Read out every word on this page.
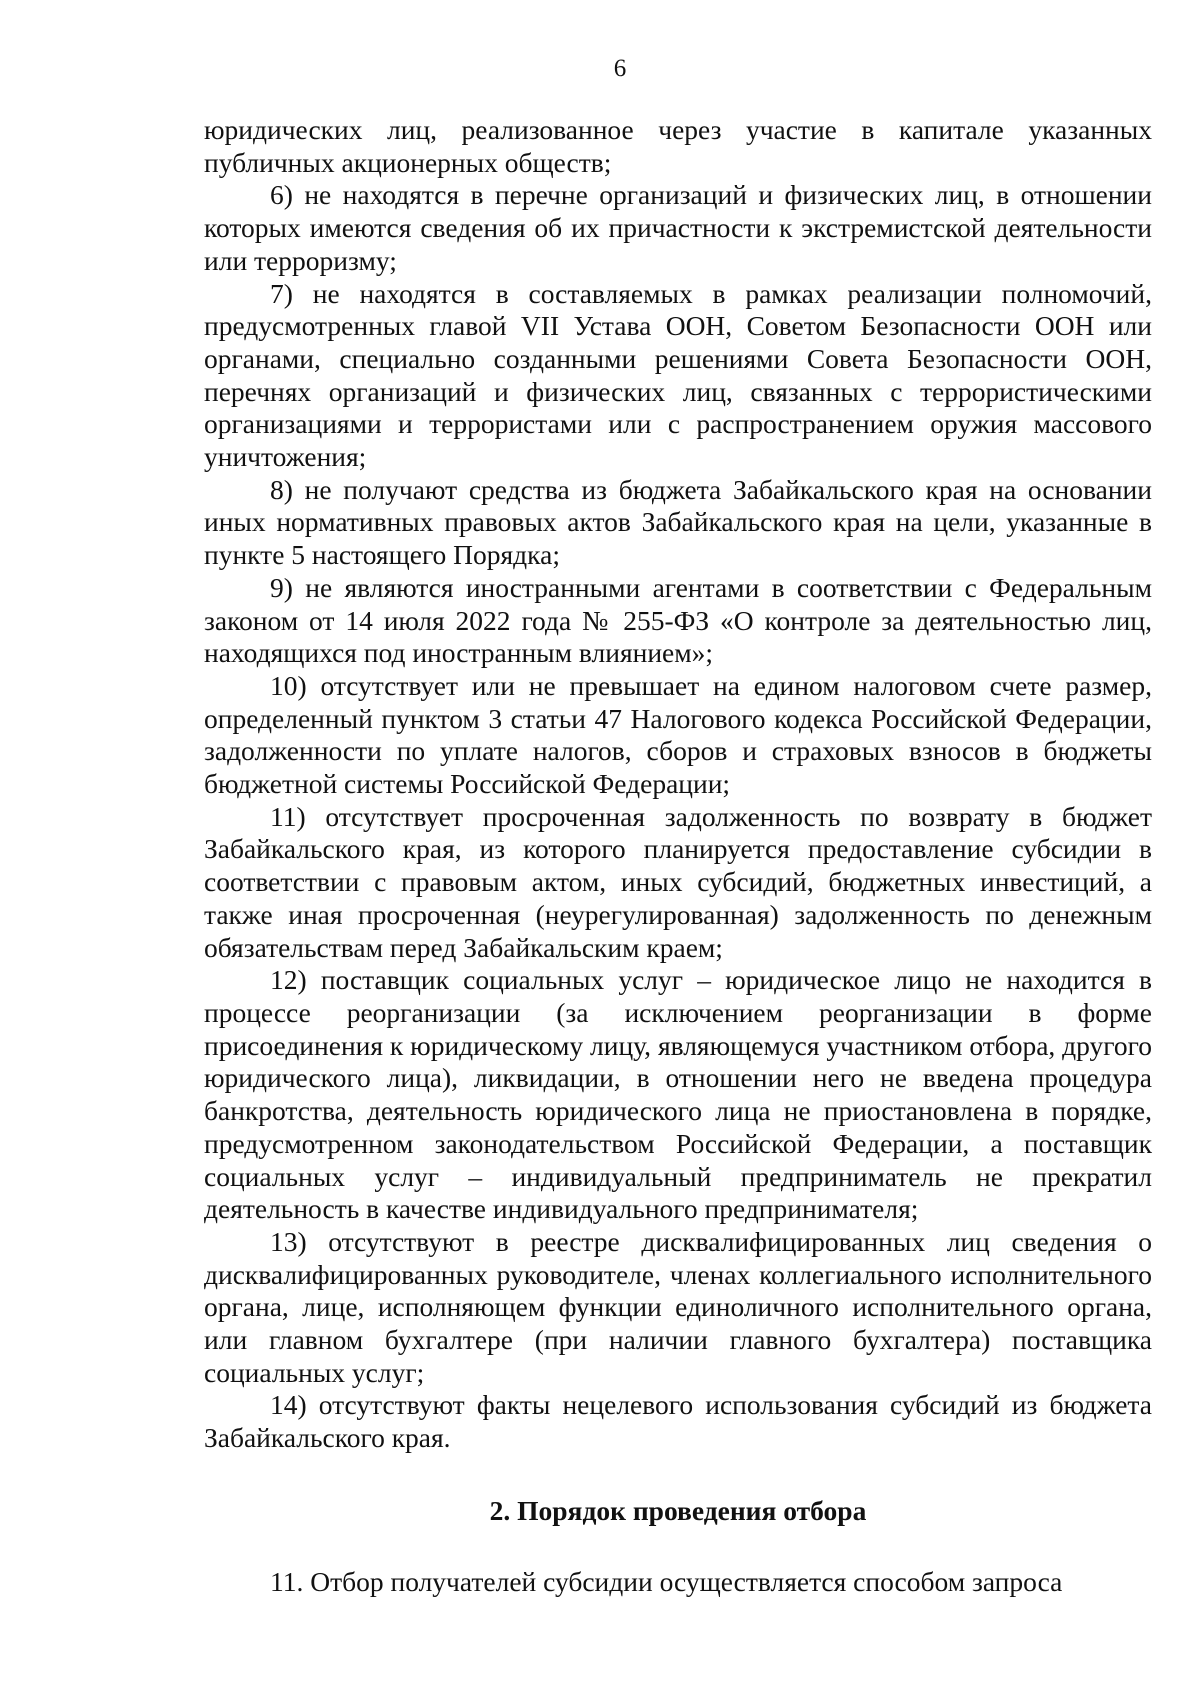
6

юридических лиц, реализованное через участие в капитале указанных публичных акционерных обществ;

6) не находятся в перечне организаций и физических лиц, в отношении которых имеются сведения об их причастности к экстремистской деятельности или терроризму;

7) не находятся в составляемых в рамках реализации полномочий, предусмотренных главой VII Устава ООН, Советом Безопасности ООН или органами, специально созданными решениями Совета Безопасности ООН, перечнях организаций и физических лиц, связанных с террористическими организациями и террористами или с распространением оружия массового уничтожения;

8) не получают средства из бюджета Забайкальского края на основании иных нормативных правовых актов Забайкальского края на цели, указанные в пункте 5 настоящего Порядка;

9) не являются иностранными агентами в соответствии с Федеральным законом от 14 июля 2022 года № 255-ФЗ «О контроле за деятельностью лиц, находящихся под иностранным влиянием»;

10) отсутствует или не превышает на едином налоговом счете размер, определенный пунктом 3 статьи 47 Налогового кодекса Российской Федерации, задолженности по уплате налогов, сборов и страховых взносов в бюджеты бюджетной системы Российской Федерации;

11) отсутствует просроченная задолженность по возврату в бюджет Забайкальского края, из которого планируется предоставление субсидии в соответствии с правовым актом, иных субсидий, бюджетных инвестиций, а также иная просроченная (неурегулированная) задолженность по денежным обязательствам перед Забайкальским краем;

12) поставщик социальных услуг – юридическое лицо не находится в процессе реорганизации (за исключением реорганизации в форме присоединения к юридическому лицу, являющемуся участником отбора, другого юридического лица), ликвидации, в отношении него не введена процедура банкротства, деятельность юридического лица не приостановлена в порядке, предусмотренном законодательством Российской Федерации, а поставщик социальных услуг – индивидуальный предприниматель не прекратил деятельность в качестве индивидуального предпринимателя;

13) отсутствуют в реестре дисквалифицированных лиц сведения о дисквалифицированных руководителе, членах коллегиального исполнительного органа, лице, исполняющем функции единоличного исполнительного органа, или главном бухгалтере (при наличии главного бухгалтера) поставщика социальных услуг;

14) отсутствуют факты нецелевого использования субсидий из бюджета Забайкальского края.

2. Порядок проведения отбора

11. Отбор получателей субсидии осуществляется способом запроса
